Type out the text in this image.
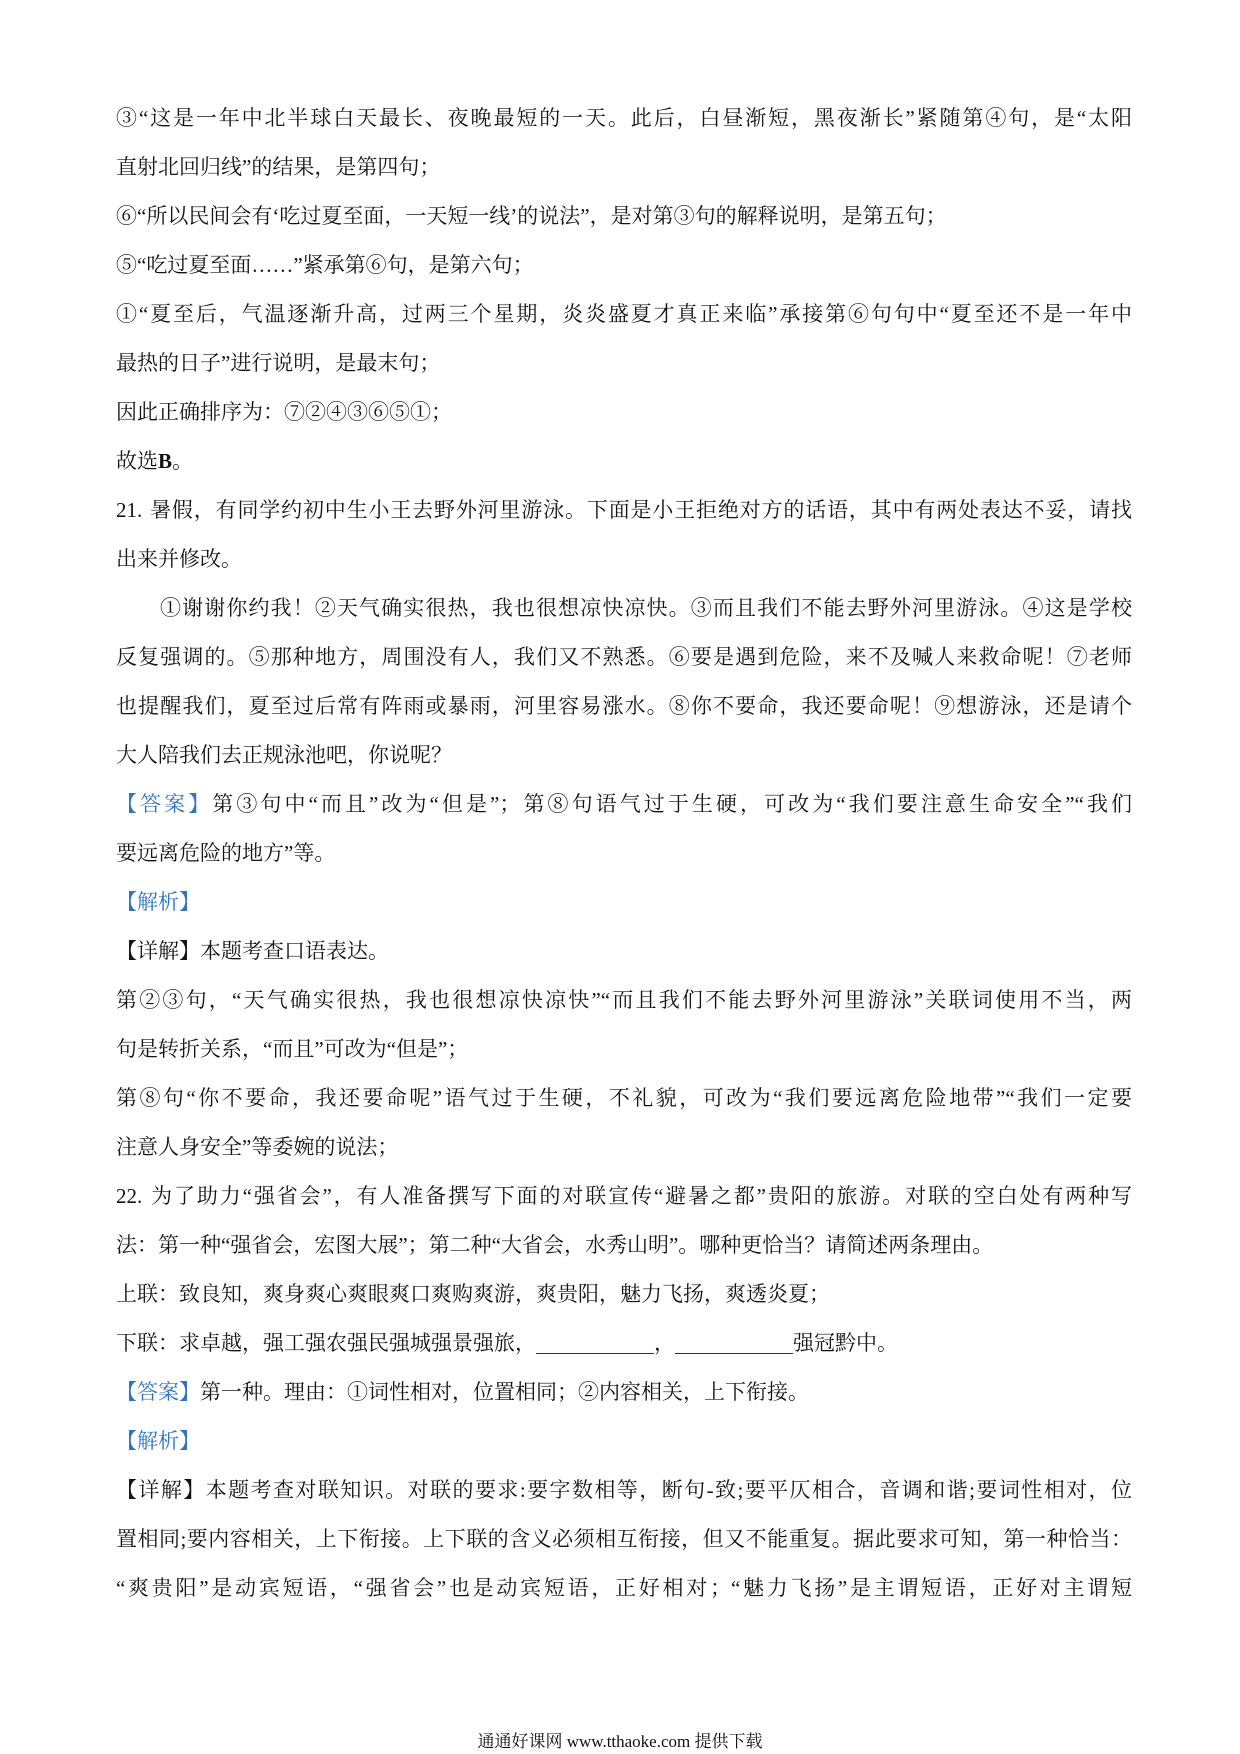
③“这是一年中北半球白天最长、夜晚最短的一天。此后，白昼渐短，黑夜渐长”紧随第④句，是“太阳
直射北回归线”的结果，是第四句；
⑥“所以民间会有‘吃过夏至面，一天短一线’的说法”，是对第③句的解释说明，是第五句；
⑤“吃过夏至面……”紧承第⑥句，是第六句；
①“夏至后，气温逐渐升高，过两三个星期，炎炎盛夏才真正来临”承接第⑥句句中“夏至还不是一年中
最热的日子”进行说明，是最末句；
因此正确排序为：⑦②④③⑥⑤①；
故选B。
21. 暑假，有同学约初中生小王去野外河里游泳。下面是小王拒绝对方的话语，其中有两处表达不妥，请找
出来并修改。
①谢谢你约我！②天气确实很热，我也很想凉快凉快。③而且我们不能去野外河里游泳。④这是学校
反复强调的。⑤那种地方，周围没有人，我们又不熟悉。⑥要是遇到危险，来不及喊人来救命呢！⑦老师
也提醒我们，夏至过后常有阵雨或暴雨，河里容易涨水。⑧你不要命，我还要命呢！⑨想游泳，还是请个
大人陪我们去正规泳池吧，你说呢？
【答案】第③句中“而且”改为“但是”；第⑧句语气过于生硬，可改为“我们要注意生命安全”“我们
要远离危险的地方”等。
【解析】
【详解】本题考查口语表达。
第②③句，“天气确实很热，我也很想凉快凉快”“而且我们不能去野外河里游泳”关联词使用不当，两
句是转折关系，“而且”可改为“但是”；
第⑧句“你不要命，我还要命呢”语气过于生硬，不礼貌，可改为“我们要远离危险地带”“我们一定要
注意人身安全”等委婉的说法；
22. 为了助力“强省会”，有人准备撰写下面的对联宣传“避暑之都”贵阳的旅游。对联的空白处有两种写
法：第一种“强省会，宏图大展”；第二种“大省会，水秀山明”。哪种更恰当？请简述两条理由。
上联：致良知，爽身爽心爽眼爽口爽购爽游，爽贵阳，魅力飞扬，爽透炎夏；
下联：求卓越，强工强农强民强城强景强旅，	，	强冠黔中。
【答案】第一种。理由：①词性相对，位置相同；②内容相关，上下衔接。
【解析】
【详解】本题考查对联知识。对联的要求:要字数相等，断句-致;要平仄相合，音调和谐;要词性相对，位
置相同;要内容相关，上下衔接。上下联的含义必须相互衔接，但又不能重复。据此要求可知，第一种恰当：
“爽贵阳”是动宾短语，“强省会”也是动宾短语，正好相对；“魅力飞扬”是主谓短语，正好对主谓短
通通好课网 www.tthaoke.com 提供下载
